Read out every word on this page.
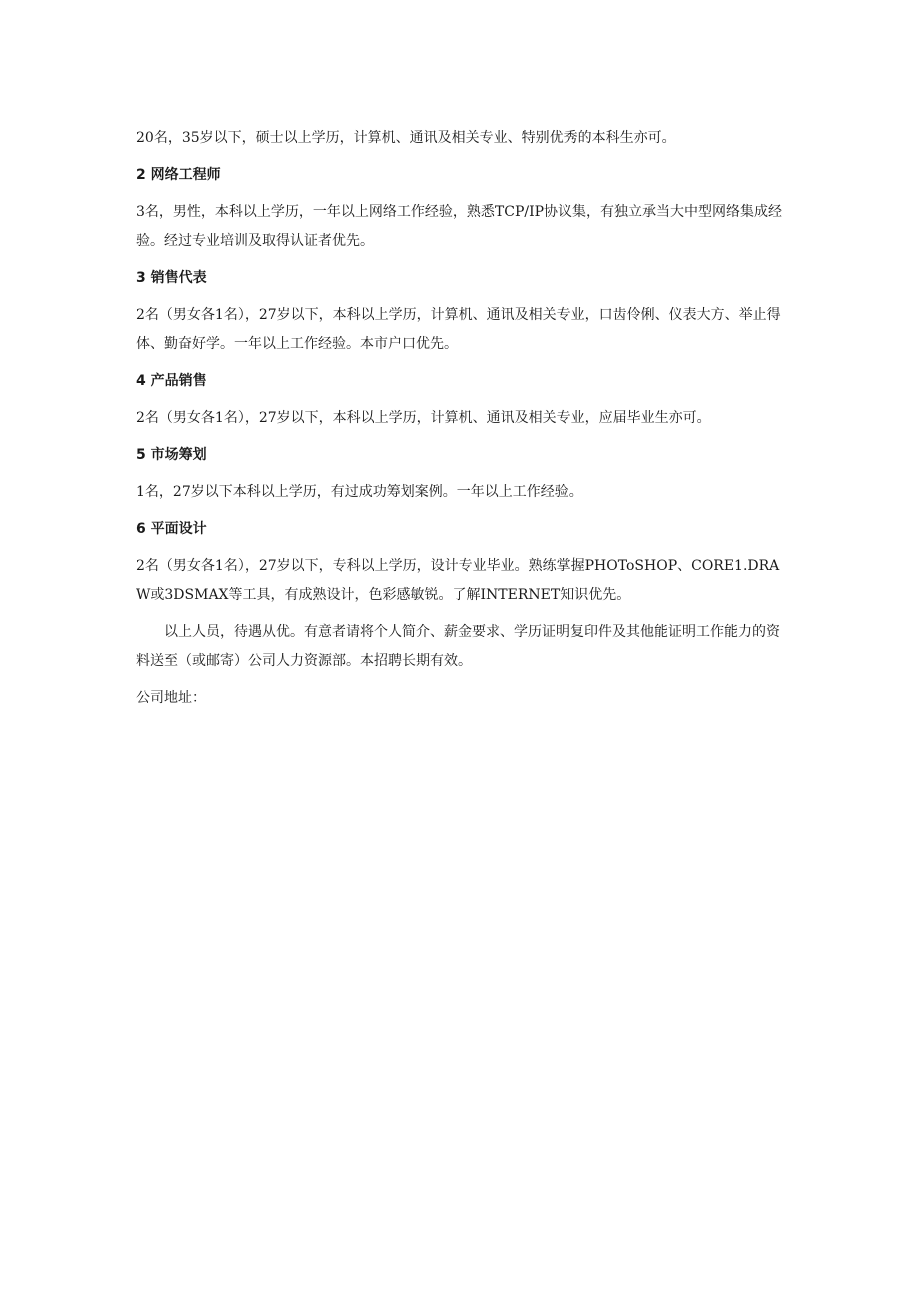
20名，35岁以下，硕士以上学历，计算机、通讯及相关专业、特别优秀的本科生亦可。

2 网络工程师

3名，男性，本科以上学历，一年以上网络工作经验，熟悉TCP/IP协议集，有独立承当大中型网络集成经验。经过专业培训及取得认证者优先。

3 销售代表

2名（男女各1名），27岁以下，本科以上学历，计算机、通讯及相关专业，口齿伶俐、仪表大方、举止得体、勤奋好学。一年以上工作经验。本市户口优先。

4 产品销售

2名（男女各1名），27岁以下，本科以上学历，计算机、通讯及相关专业，应届毕业生亦可。

5 市场筹划

1名，27岁以下本科以上学历，有过成功筹划案例。一年以上工作经验。

6 平面设计

2名（男女各1名），27岁以下，专科以上学历，设计专业毕业。熟练掌握PHOToSHOP、CORE1.DRAW或3DSMAX等工具，有成熟设计，色彩感敏锐。了解INTERNET知识优先。

以上人员，待遇从优。有意者请将个人简介、薪金要求、学历证明复印件及其他能证明工作能力的资料送至（或邮寄）公司人力资源部。本招聘长期有效。

公司地址：
